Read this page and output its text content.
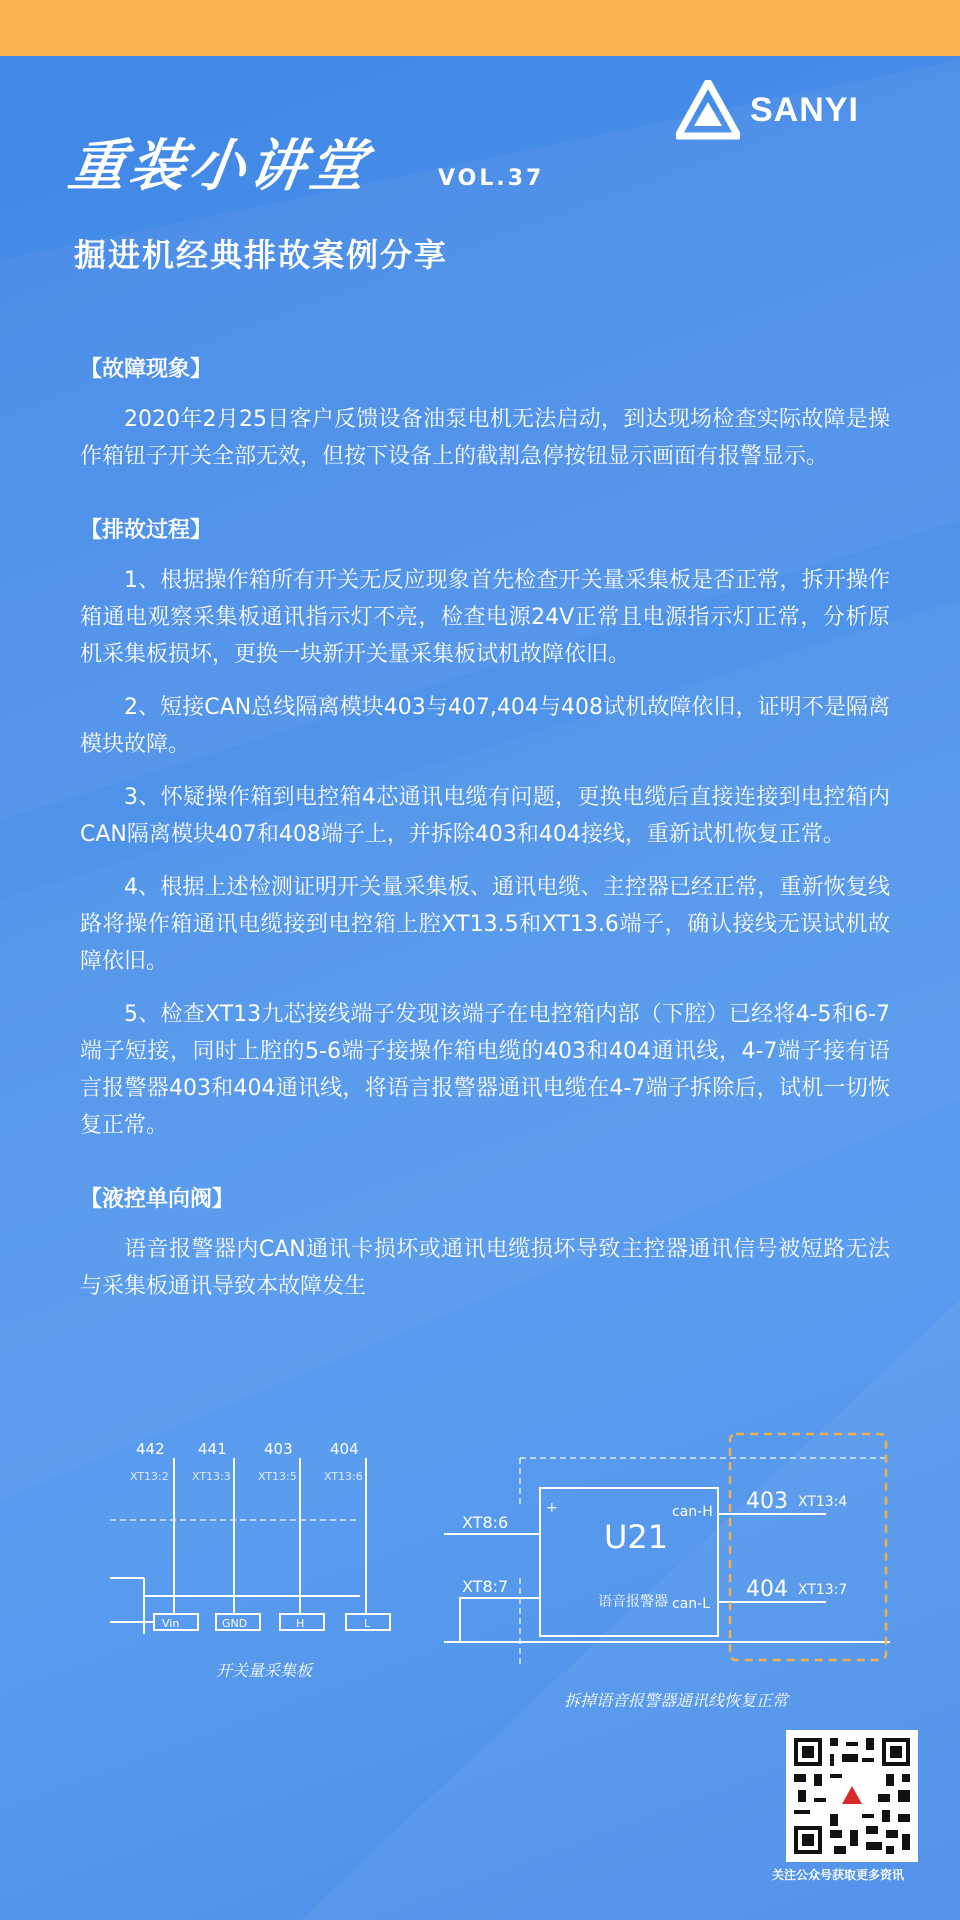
SANYI
重装小讲堂	VOL.37
掘进机经典排故案例分享
【故障现象】

2020年2月25日客户反馈设备油泵电机无法启动，到达现场检查实际故障是操作箱钮子开关全部无效，但按下设备上的截割急停按钮显示画面有报警显示。

【排故过程】

1、根据操作箱所有开关无反应现象首先检查开关量采集板是否正常，拆开操作箱通电观察采集板通讯指示灯不亮，检查电源24V正常且电源指示灯正常，分析原机采集板损坏，更换一块新开关量采集板试机故障依旧。

2、短接CAN总线隔离模块403与407,404与408试机故障依旧，证明不是隔离模块故障。

3、怀疑操作箱到电控箱4芯通讯电缆有问题，更换电缆后直接连接到电控箱内CAN隔离模块407和408端子上，并拆除403和404接线，重新试机恢复正常。

4、根据上述检测证明开关量采集板、通讯电缆、主控器已经正常，重新恢复线路将操作箱通讯电缆接到电控箱上腔XT13.5和XT13.6端子，确认接线无误试机故障依旧。

5、检查XT13九芯接线端子发现该端子在电控箱内部（下腔）已经将4-5和6-7端子短接，同时上腔的5-6端子接操作箱电缆的403和404通讯线，4-7端子接有语言报警器403和404通讯线，将语言报警器通讯电缆在4-7端子拆除后，试机一切恢复正常。

【液控单向阀】

语音报警器内CAN通讯卡损坏或通讯电缆损坏导致主控器通讯信号被短路无法与采集板通讯导致本故障发生

442 441 403 404
XT13:2 XT13:3 XT13:5 XT13:6
Vin	GND	H	L
XT8:6
XT8:7
+
U21
can-H
语音报警器 can-L
403 XT13:4
404 XT13:7
开关量采集板
拆掉语音报警器通讯线恢复正常
关注公众号获取更多资讯
